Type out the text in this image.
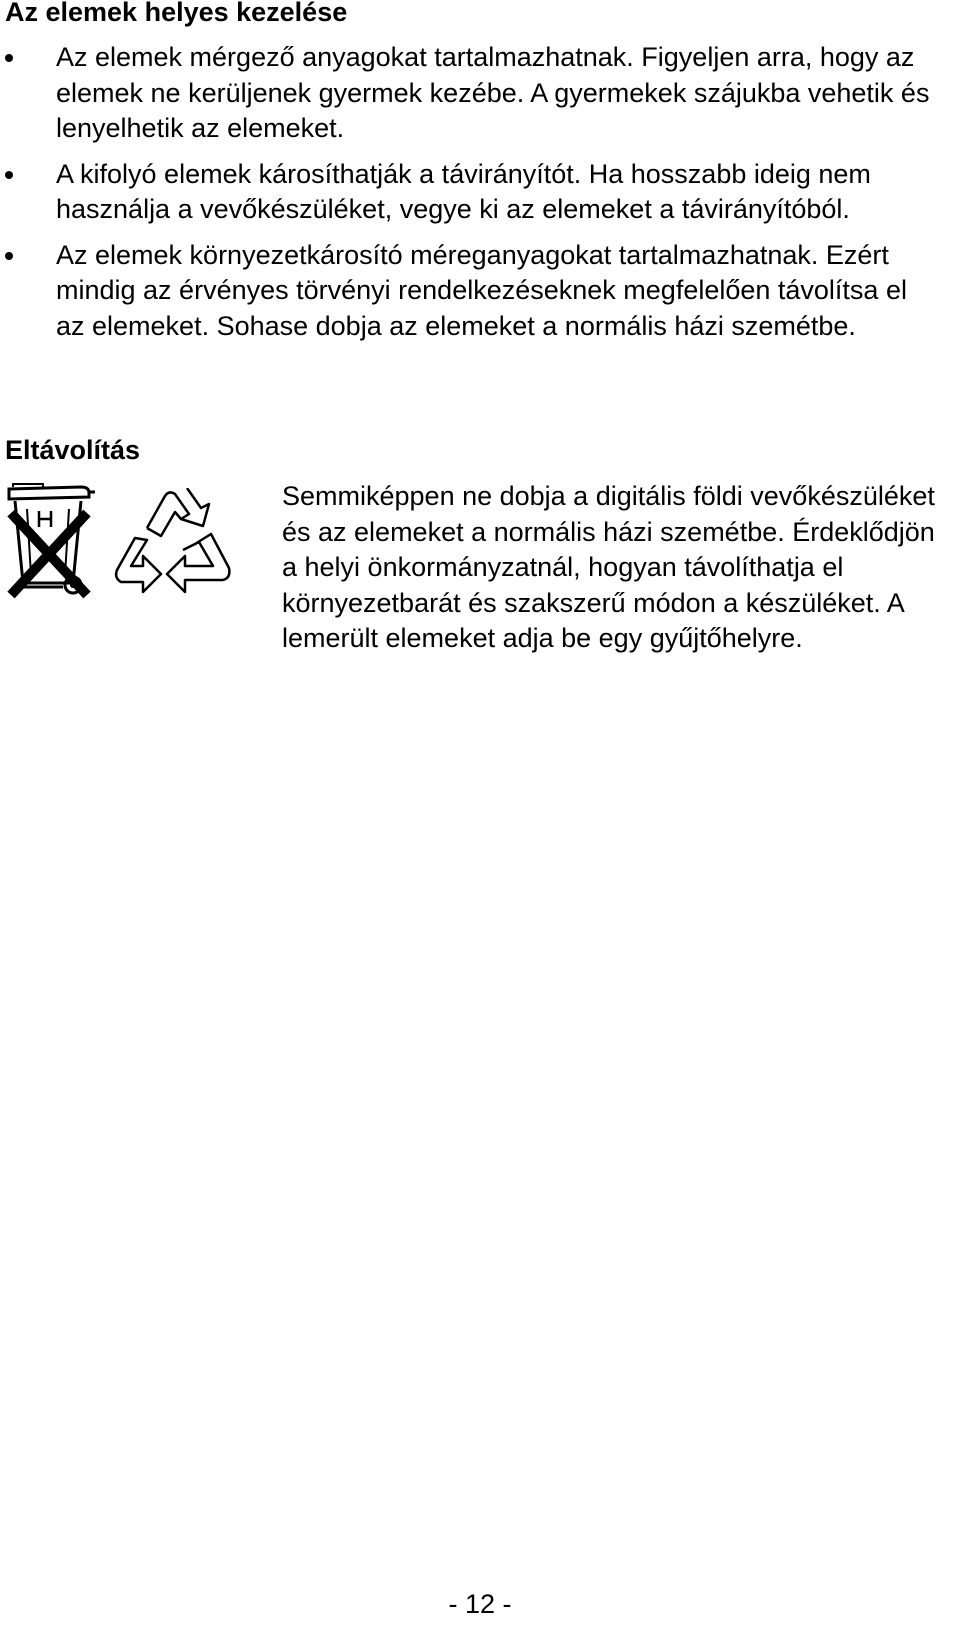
Az elemek helyes kezelése
Az elemek mérgező anyagokat tartalmazhatnak. Figyeljen arra, hogy az elemek ne kerüljenek gyermek kezébe. A gyermekek szájukba vehetik és lenyelhetik az elemeket.
A kifolyó elemek károsíthatják a távirányítót. Ha hosszabb ideig nem használja a vevőkészüléket, vegye ki az elemeket a távirányítóból.
Az elemek környezetkárosító méreganyagokat tartalmazhatnak. Ezért mindig az érvényes törvényi rendelkezéseknek megfelelően távolítsa el az elemeket. Sohase dobja az elemeket a normális házi szemétbe.
Eltávolítás

Semmiképpen ne dobja a digitális földi vevőkészüléket és az elemeket a normális házi szemétbe. Érdeklődjön a helyi önkormányzatnál, hogyan távolíthatja el környezetbarát és szakszerű módon a készüléket. A lemerült elemeket adja be egy gyűjtőhelyre.

- 12 -
